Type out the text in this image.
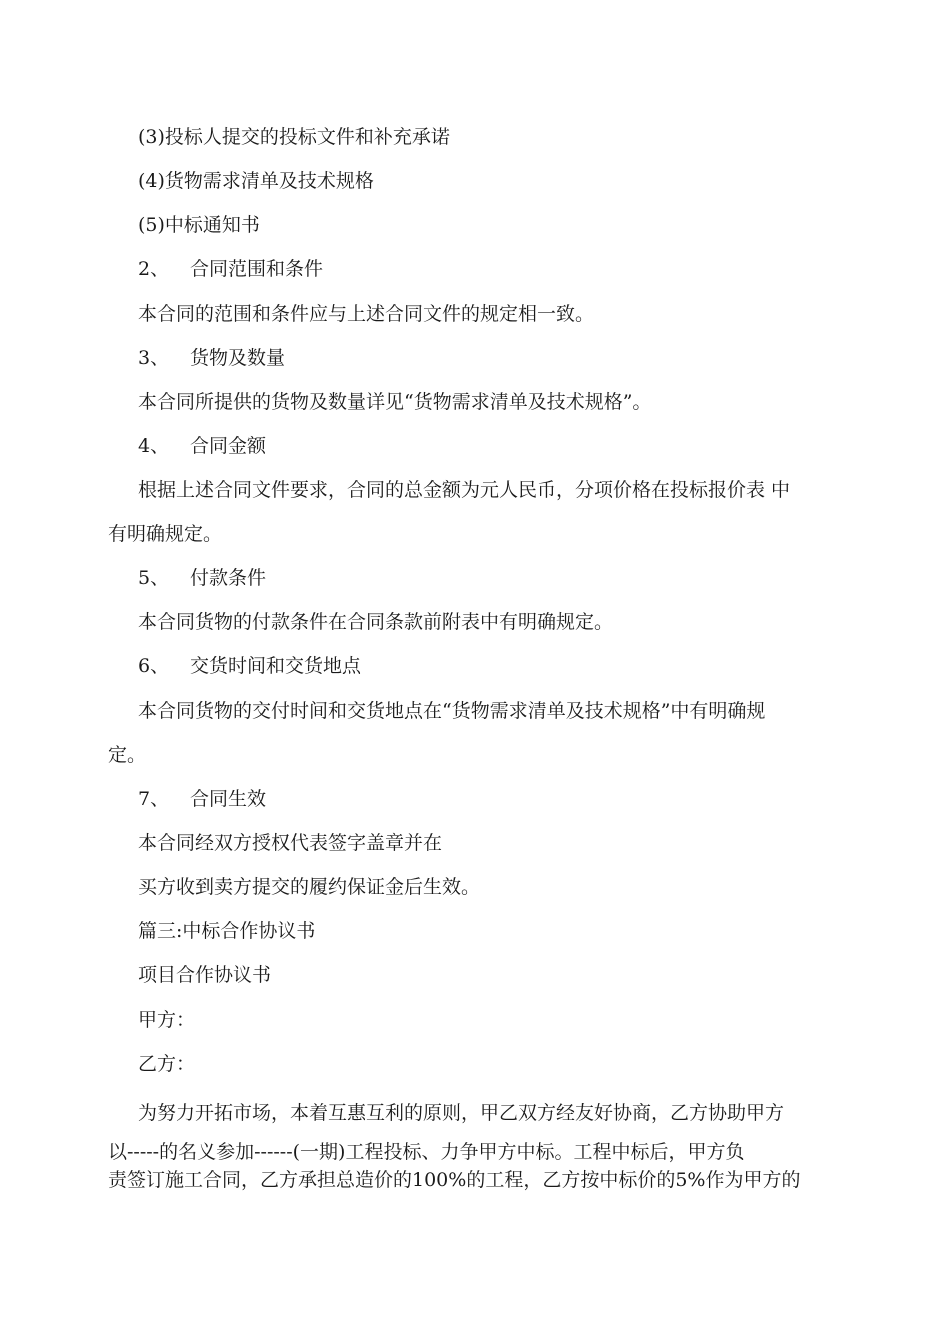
(3)投标人提交的投标文件和补充承诺
(4)货物需求清单及技术规格
(5)中标通知书
2、 合同范围和条件
本合同的范围和条件应与上述合同文件的规定相一致。
3、 货物及数量
本合同所提供的货物及数量详见“货物需求清单及技术规格”。
4、 合同金额
根据上述合同文件要求，合同的总金额为元人民币，分项价格在投标报价表 中
有明确规定。
5、 付款条件
本合同货物的付款条件在合同条款前附表中有明确规定。
6、 交货时间和交货地点
本合同货物的交付时间和交货地点在“货物需求清单及技术规格”中有明确规
定。
7、 合同生效
本合同经双方授权代表签字盖章并在
买方收到卖方提交的履约保证金后生效。
篇三:中标合作协议书
项目合作协议书
甲方：
乙方：
为努力开拓市场，本着互惠互利的原则，甲乙双方经友好协商，乙方协助甲方
以-----的名义参加------(一期)工程投标、力争甲方中标。工程中标后，甲方负
责签订施工合同，乙方承担总造价的100%的工程，乙方按中标价的5%作为甲方的
